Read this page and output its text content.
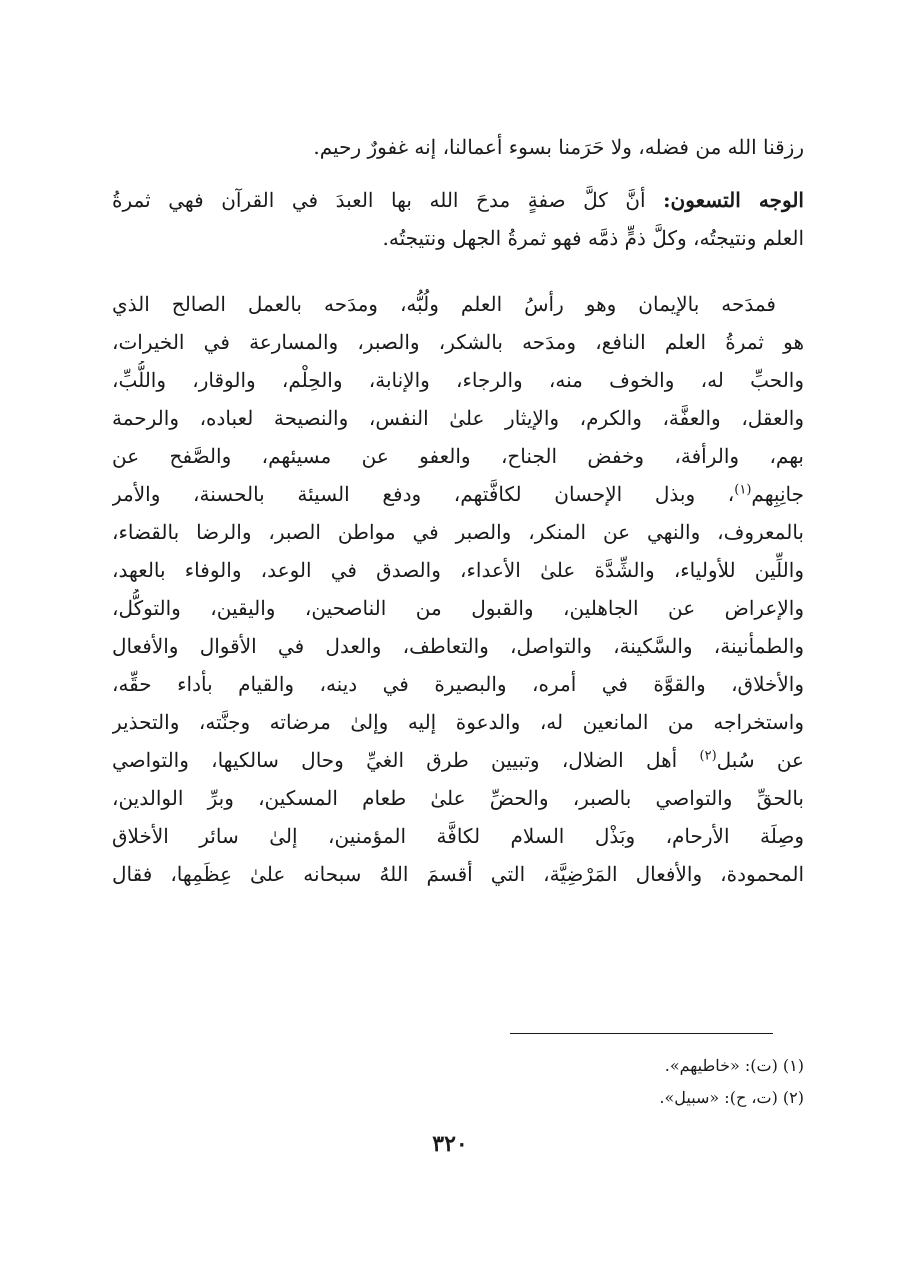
رزقنا الله من فضله، ولا حَرَمنا بسوء أعمالنا، إنه غفورٌ رحيم.

الوجه التسعون: أنَّ كلَّ صفةٍ مدحَ الله بها العبدَ في القرآن فهي ثمرةُ
العلم ونتيجتُه، وكلَّ ذمٍّ ذمَّه فهو ثمرةُ الجهل ونتيجتُه.

فمدَحه بالإيمان وهو رأسُ العلم ولُبُّه، ومدَحه بالعمل الصالح الذي
هو ثمرةُ العلم النافع، ومدَحه بالشكر، والصبر، والمسارعة في الخيرات،
والحبِّ له، والخوف منه، والرجاء، والإنابة، والحِلْم، والوقار، واللُّبِّ،
والعقل، والعفَّة، والكرم، والإيثار علىٰ النفس، والنصيحة لعباده، والرحمة
بهم، والرأفة، وخفض الجناح، والعفو عن مسيئهم، والصَّفح عن
جانِبِهم$^{(١)}$، وبذل الإحسان لكافَّتهم، ودفع السيئة بالحسنة، والأمر
بالمعروف، والنهي عن المنكر، والصبر في مواطن الصبر، والرضا بالقضاء،
واللِّين للأولياء، والشِّدَّة علىٰ الأعداء، والصدق في الوعد، والوفاء بالعهد،
والإعراض عن الجاهلين، والقبول من الناصحين، واليقين، والتوكُّل،
والطمأنينة، والسَّكينة، والتواصل، والتعاطف، والعدل في الأقوال والأفعال
والأخلاق، والقوَّة في أمره، والبصيرة في دينه، والقيام بأداء حقِّه،
واستخراجه من المانعين له، والدعوة إليه وإلىٰ مرضاته وجنَّته، والتحذير
عن سُبل$^{(٢)}$ أهل الضلال، وتبيين طرق الغيِّ وحال سالكيها، والتواصي
بالحقِّ والتواصي بالصبر، والحضِّ علىٰ طعام المسكين، وبرِّ الوالدين،
وصِلَة الأرحام، وبَذْل السلام لكافَّة المؤمنين، إلىٰ سائر الأخلاق
المحمودة، والأفعال المَرْضِيَّة، التي أقسمَ اللهُ سبحانه علىٰ عِظَمِها، فقال

(١) (ت): «خاطيهم».
(٢) (ت، ح): «سبيل».
٣٢٠
